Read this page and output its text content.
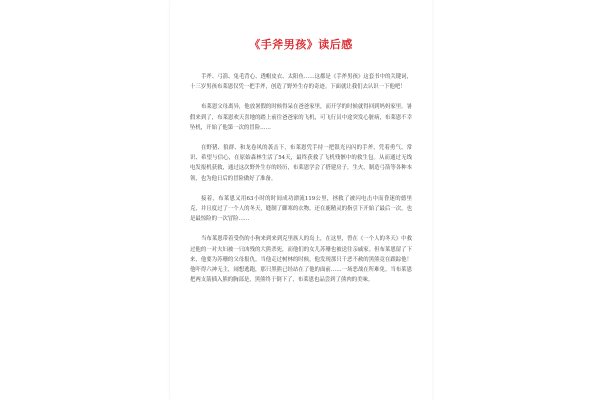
《手斧男孩》读后感

手斧、弓箭、兔毛背心、透帽皮衣、太阳鱼……这都是《手斧男孩》这套书中的关键词，十三岁男孩布莱恩仅凭一把手斧，创造了野外生存的奇迹。下面就让我们去认识一下他吧！

布莱恩父母离异，他放暑假的时候得呆在爸爸家里，而开学的时候就得回到妈妈家里。暑假来到了，布莱恩欢天喜地的踏上前往爸爸家的飞机，可飞行员中途突发心脏病，布莱恩不幸坠机，开始了他第一次的冒险……

在野猪、狼群、和龙卷风的袭击下，布莱恩凭手持一把银光闪闪的手斧，凭着勇气、常识、希望与信心，在原始森林生活了54天，最终获救了飞机残骸中的救生包。从而通过无线电发报机获救，通过这次野外生存的经历，布莱恩学会了搭建房子，生火，制造弓箭等各种本领，也为他日后的冒险做好了准备。

接着，布莱恩又用63小时的时间成功漂流119公里，拯救了被闪电击中而昏迷的德里克，并且度过了一个人的冬天，缝制了御寒的衣物，还在鹿精灵的指引下开始了最后一次，也是最惊险的一次冒险……

当布莱恩带着受伤的小狗来到来到克里族人的岛上，在这里，曾在《一个人的冬天》中救过他的一对夫妇被一只凶残的大熊杀死，而他们的女儿苏珊也被送往亲戚家。但布莱恩留了下来，他要为苏珊的父母报仇。当他走过树林的时候，他发现那只千恶不赦的黑熊竟在跟踪他！他吓得六神无主，闹想逃跑，那只黑熊已经站在了他的面前……一场恶战在所难免。当布莱恩把两支箭插入熊的胸部是，黑熊终于倒下了，布莱恩也品尝到了熊肉的美味。
